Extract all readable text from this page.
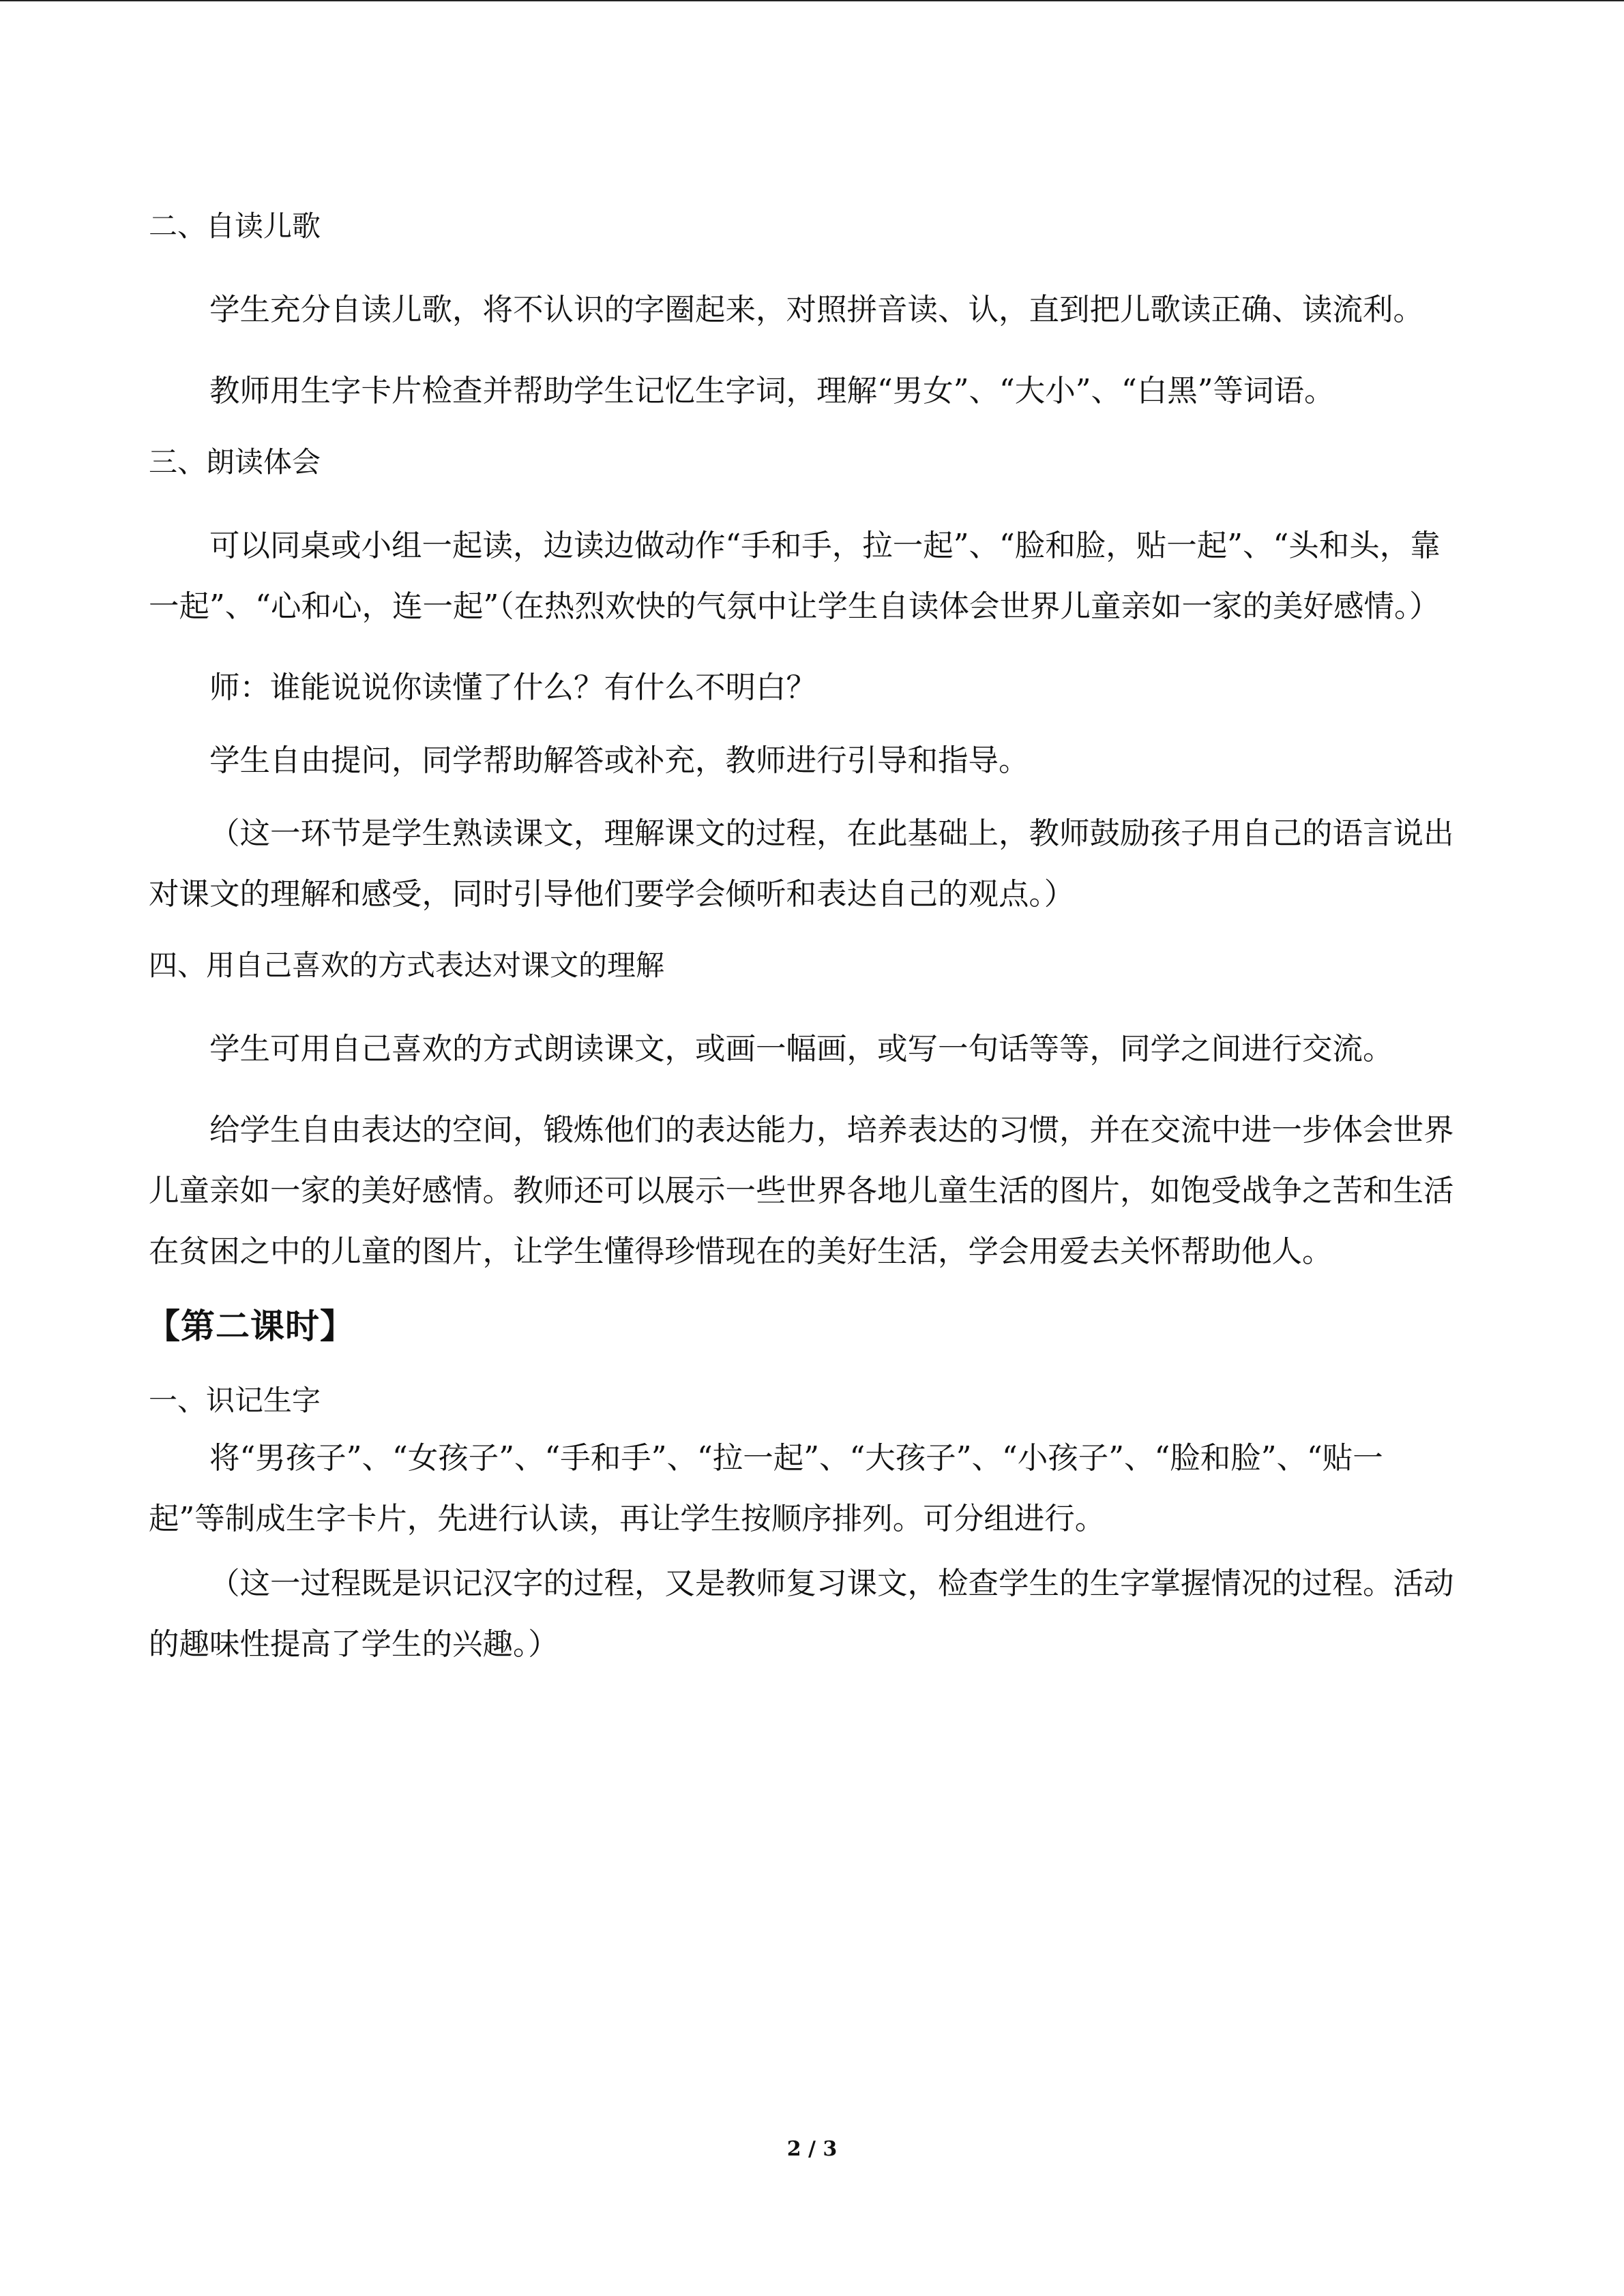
二、自读儿歌

学生充分自读儿歌，将不认识的字圈起来，对照拼音读、认，直到把儿歌读正确、读流利。

教师用生字卡片检查并帮助学生记忆生字词，理解“男女”、“大小”、“白黑”等词语。

三、朗读体会

可以同桌或小组一起读，边读边做动作“手和手，拉一起”、“脸和脸，贴一起”、“头和头，靠一起”、“心和心，连一起”（在热烈欢快的气氛中让学生自读体会世界儿童亲如一家的美好感情。）

师：谁能说说你读懂了什么？有什么不明白？

学生自由提问，同学帮助解答或补充，教师进行引导和指导。

（这一环节是学生熟读课文，理解课文的过程，在此基础上，教师鼓励孩子用自己的语言说出对课文的理解和感受，同时引导他们要学会倾听和表达自己的观点。）

四、用自己喜欢的方式表达对课文的理解

学生可用自己喜欢的方式朗读课文，或画一幅画，或写一句话等等，同学之间进行交流。

给学生自由表达的空间，锻炼他们的表达能力，培养表达的习惯，并在交流中进一步体会世界儿童亲如一家的美好感情。教师还可以展示一些世界各地儿童生活的图片，如饱受战争之苦和生活在贫困之中的儿童的图片，让学生懂得珍惜现在的美好生活，学会用爱去关怀帮助他人。

【第二课时】
一、识记生字

将“男孩子”、“女孩子”、“手和手”、“拉一起”、“大孩子”、“小孩子”、“脸和脸”、“贴一起”等制成生字卡片，先进行认读，再让学生按顺序排列。可分组进行。

（这一过程既是识记汉字的过程，又是教师复习课文，检查学生的生字掌握情况的过程。活动的趣味性提高了学生的兴趣。）

2 / 3
